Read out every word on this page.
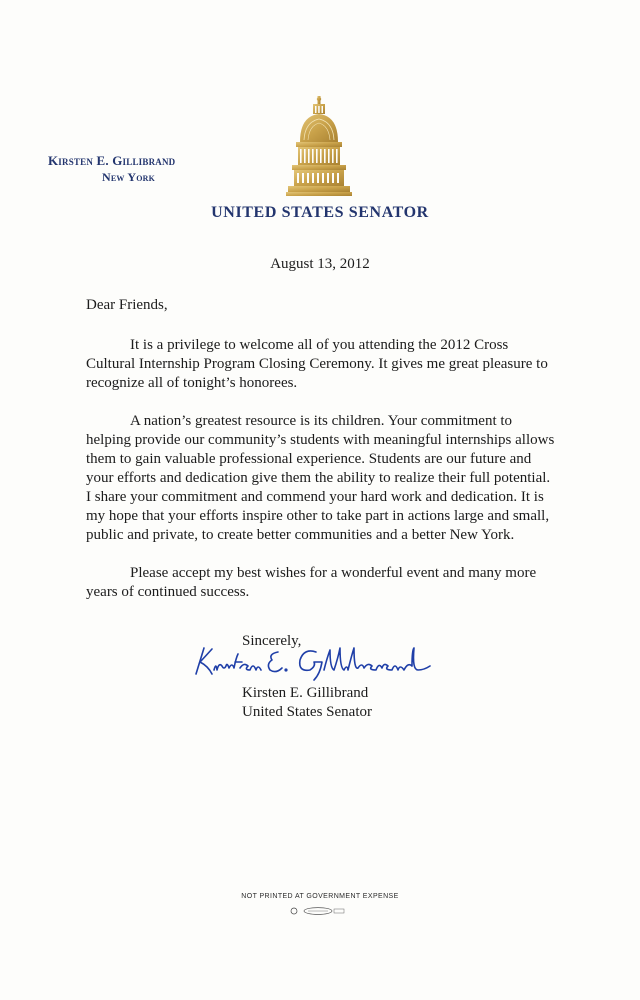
Kirsten E. Gillibrand
New York
UNITED STATES SENATOR
August 13, 2012

Dear Friends,

It is a privilege to welcome all of you attending the 2012 Cross Cultural Internship Program Closing Ceremony. It gives me great pleasure to recognize all of tonight’s honorees.

A nation’s greatest resource is its children. Your commitment to helping provide our community’s students with meaningful internships allows them to gain valuable professional experience. Students are our future and your efforts and dedication give them the ability to realize their full potential. I share your commitment and commend your hard work and dedication. It is my hope that your efforts inspire other to take part in actions large and small, public and private, to create better communities and a better New York.

Please accept my best wishes for a wonderful event and many more years of continued success.

Sincerely,
Kirsten E. Gillibrand
United States Senator
NOT PRINTED AT GOVERNMENT EXPENSE
